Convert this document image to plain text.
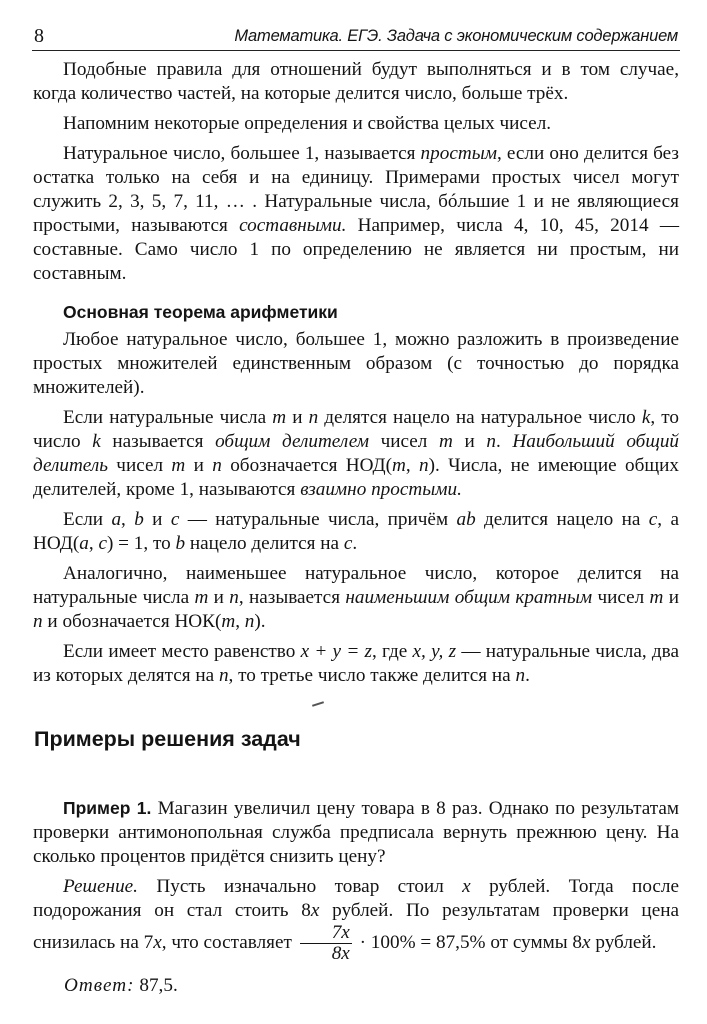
8	Математика. ЕГЭ. Задача с экономическим содержанием

Подобные правила для отношений будут выполняться и в том случае, когда количество частей, на которые делится число, больше трёх.

Напомним некоторые определения и свойства целых чисел.

Натуральное число, большее 1, называется простым, если оно делится без остатка только на себя и на единицу. Примерами простых чисел могут служить 2, 3, 5, 7, 11, … . Натуральные числа, бóльшие 1 и не являющиеся простыми, называются составными. Например, числа 4, 10, 45, 2014 — составные. Само число 1 по определению не является ни простым, ни составным.

Основная теорема арифметики

Любое натуральное число, большее 1, можно разложить в произведение простых множителей единственным образом (с точностью до порядка множителей).

Если натуральные числа m и n делятся нацело на натуральное число k, то число k называется общим делителем чисел m и n. Наибольший общий делитель чисел m и n обозначается НОД(m, n). Числа, не имеющие общих делителей, кроме 1, называются взаимно простыми.

Если a, b и c — натуральные числа, причём ab делится нацело на c, а НОД(a, c) = 1, то b нацело делится на c.

Аналогично, наименьшее натуральное число, которое делится на натуральные числа m и n, называется наименьшим общим кратным чисел m и n и обозначается НОК(m, n).

Если имеет место равенство x + y = z, где x, y, z — натуральные числа, два из которых делятся на n, то третье число также делится на n.

Примеры решения задач

Пример 1. Магазин увеличил цену товара в 8 раз. Однако по результатам проверки антимонопольная служба предписала вернуть прежнюю цену. На сколько процентов придётся снизить цену?

Решение. Пусть изначально товар стоил x рублей. Тогда после подорожания он стал стоить 8x рублей. По результатам проверки цена снизилась на 7x, что составляет $\frac{7x}{8x} \cdot 100\% = 87,5\%$ от суммы 8x рублей.

Ответ: 87,5.
